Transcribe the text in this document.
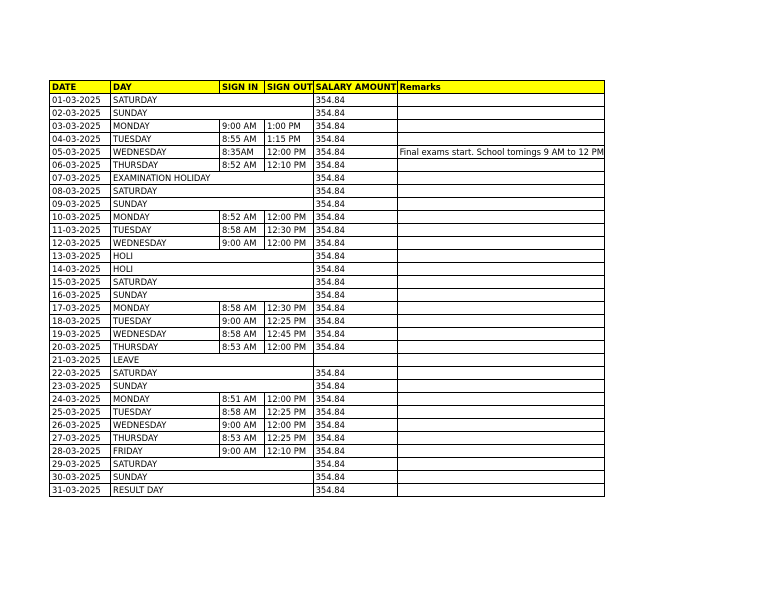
DATE	DAY	SIGN IN	SIGN OUT	SALARY AMOUNT	Remarks
01-03-2025	SATURDAY			354.84	
02-03-2025	SUNDAY			354.84	
03-03-2025	MONDAY	9:00 AM	1:00 PM	354.84	
04-03-2025	TUESDAY	8:55 AM	1:15 PM	354.84	
05-03-2025	WEDNESDAY	8:35AM	12:00 PM	354.84	Final exams start. School tomings 9 AM to 12 PM
06-03-2025	THURSDAY	8:52 AM	12:10 PM	354.84	
07-03-2025	EXAMINATION HOLIDAY			354.84	
08-03-2025	SATURDAY			354.84	
09-03-2025	SUNDAY			354.84	
10-03-2025	MONDAY	8:52 AM	12:00 PM	354.84	
11-03-2025	TUESDAY	8:58 AM	12:30 PM	354.84	
12-03-2025	WEDNESDAY	9:00 AM	12:00 PM	354.84	
13-03-2025	HOLI			354.84	
14-03-2025	HOLI			354.84	
15-03-2025	SATURDAY			354.84	
16-03-2025	SUNDAY			354.84	
17-03-2025	MONDAY	8:58 AM	12:30 PM	354.84	
18-03-2025	TUESDAY	9:00 AM	12:25 PM	354.84	
19-03-2025	WEDNESDAY	8:58 AM	12:45 PM	354.84	
20-03-2025	THURSDAY	8:53 AM	12:00 PM	354.84	
21-03-2025	LEAVE				
22-03-2025	SATURDAY			354.84	
23-03-2025	SUNDAY			354.84	
24-03-2025	MONDAY	8:51 AM	12:00 PM	354.84	
25-03-2025	TUESDAY	8:58 AM	12:25 PM	354.84	
26-03-2025	WEDNESDAY	9:00 AM	12:00 PM	354.84	
27-03-2025	THURSDAY	8:53 AM	12:25 PM	354.84	
28-03-2025	FRIDAY	9:00 AM	12:10 PM	354.84	
29-03-2025	SATURDAY			354.84	
30-03-2025	SUNDAY			354.84	
31-03-2025	RESULT DAY			354.84	
